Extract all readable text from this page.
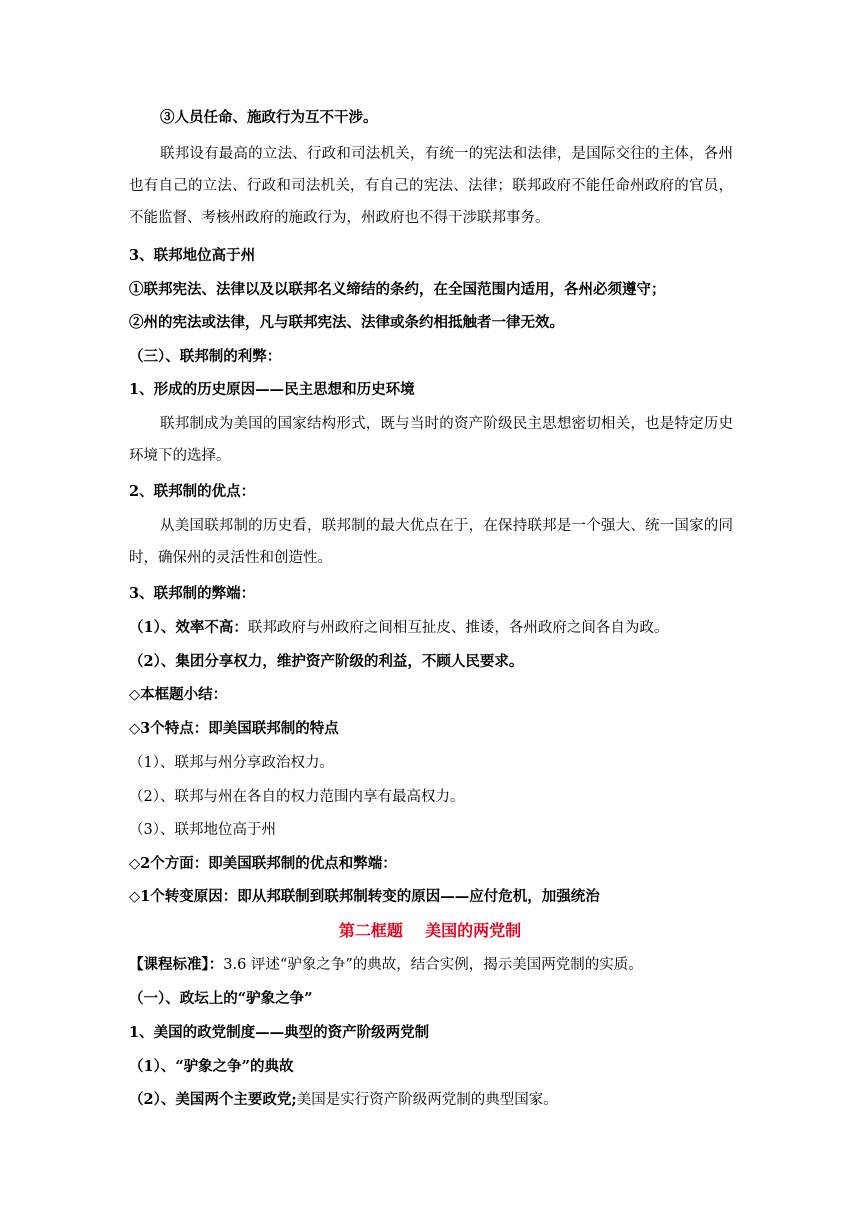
③人员任命、施政行为互不干涉。
联邦设有最高的立法、行政和司法机关，有统一的宪法和法律，是国际交往的主体，各州也有自己的立法、行政和司法机关，有自己的宪法、法律；联邦政府不能任命州政府的官员，不能监督、考核州政府的施政行为，州政府也不得干涉联邦事务。
3、联邦地位高于州
①联邦宪法、法律以及以联邦名义缔结的条约，在全国范围内适用，各州必须遵守；
②州的宪法或法律，凡与联邦宪法、法律或条约相抵触者一律无效。
（三）、联邦制的利弊：
1、形成的历史原因——民主思想和历史环境
联邦制成为美国的国家结构形式，既与当时的资产阶级民主思想密切相关，也是特定历史环境下的选择。
2、联邦制的优点：
从美国联邦制的历史看，联邦制的最大优点在于，在保持联邦是一个强大、统一国家的同时，确保州的灵活性和创造性。
3、联邦制的弊端：
（1）、效率不高：联邦政府与州政府之间相互扯皮、推诿，各州政府之间各自为政。
（2）、集团分享权力，维护资产阶级的利益，不顾人民要求。
◇本框题小结：
◇3个特点：即美国联邦制的特点
（1）、联邦与州分享政治权力。
（2）、联邦与州在各自的权力范围内享有最高权力。
（3）、联邦地位高于州
◇2个方面：即美国联邦制的优点和弊端：
◇1个转变原因：即从邦联制到联邦制转变的原因——应付危机，加强统治
第二框题    美国的两党制
【课程标准】：3.6 评述“驴象之争”的典故，结合实例，揭示美国两党制的实质。
（一）、政坛上的“驴象之争”
1、美国的政党制度——典型的资产阶级两党制
（1）、“驴象之争”的典故
（2）、美国两个主要政党;美国是实行资产阶级两党制的典型国家。
